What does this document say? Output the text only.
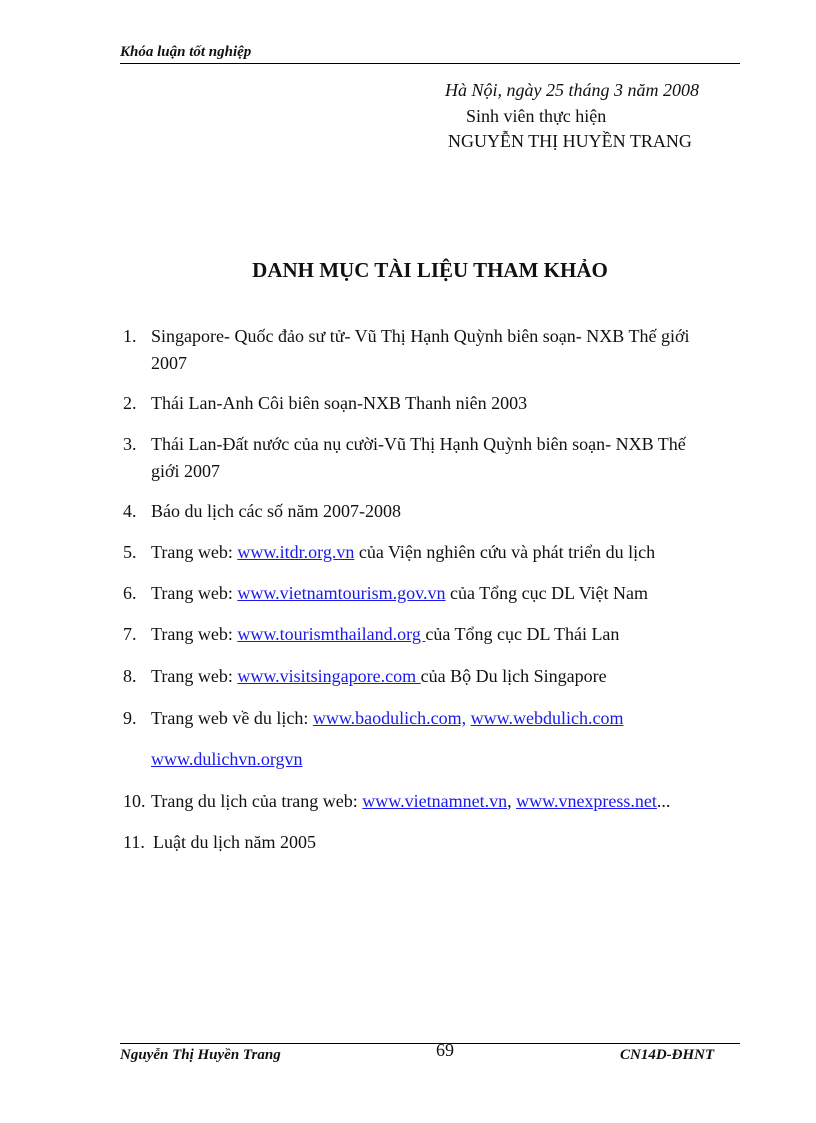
Khóa luận tốt nghiệp
Hà Nội, ngày 25 tháng 3 năm 2008
Sinh viên thực hiện
NGUYỄN THỊ HUYỀN TRANG
DANH MỤC TÀI LIỆU THAM KHẢO
1. Singapore- Quốc đảo sư tử- Vũ Thị Hạnh Quỳnh biên soạn- NXB Thế giới
2007
2. Thái Lan-Anh Côi biên soạn-NXB Thanh niên 2003
3. Thái Lan-Đất nước của nụ cười-Vũ Thị Hạnh Quỳnh biên soạn- NXB Thế
giới 2007
4. Báo du lịch các số năm 2007-2008
5. Trang web: www.itdr.org.vn của Viện nghiên cứu và phát triển du lịch
6. Trang web: www.vietnamtourism.gov.vn của Tổng cục DL Việt Nam
7. Trang web: www.tourismthailand.org của Tổng cục DL Thái Lan
8. Trang web: www.visitsingapore.com của Bộ Du lịch Singapore
9. Trang web về du lịch: www.baodulich.com, www.webdulich.com
www.dulichvn.orgvn
10. Trang du lịch của trang web: www.vietnamnet.vn, www.vnexpress.net...
11. Luật du lịch năm 2005
Nguyễn Thị Huyền Trang	69	CN14D-ĐHNT
